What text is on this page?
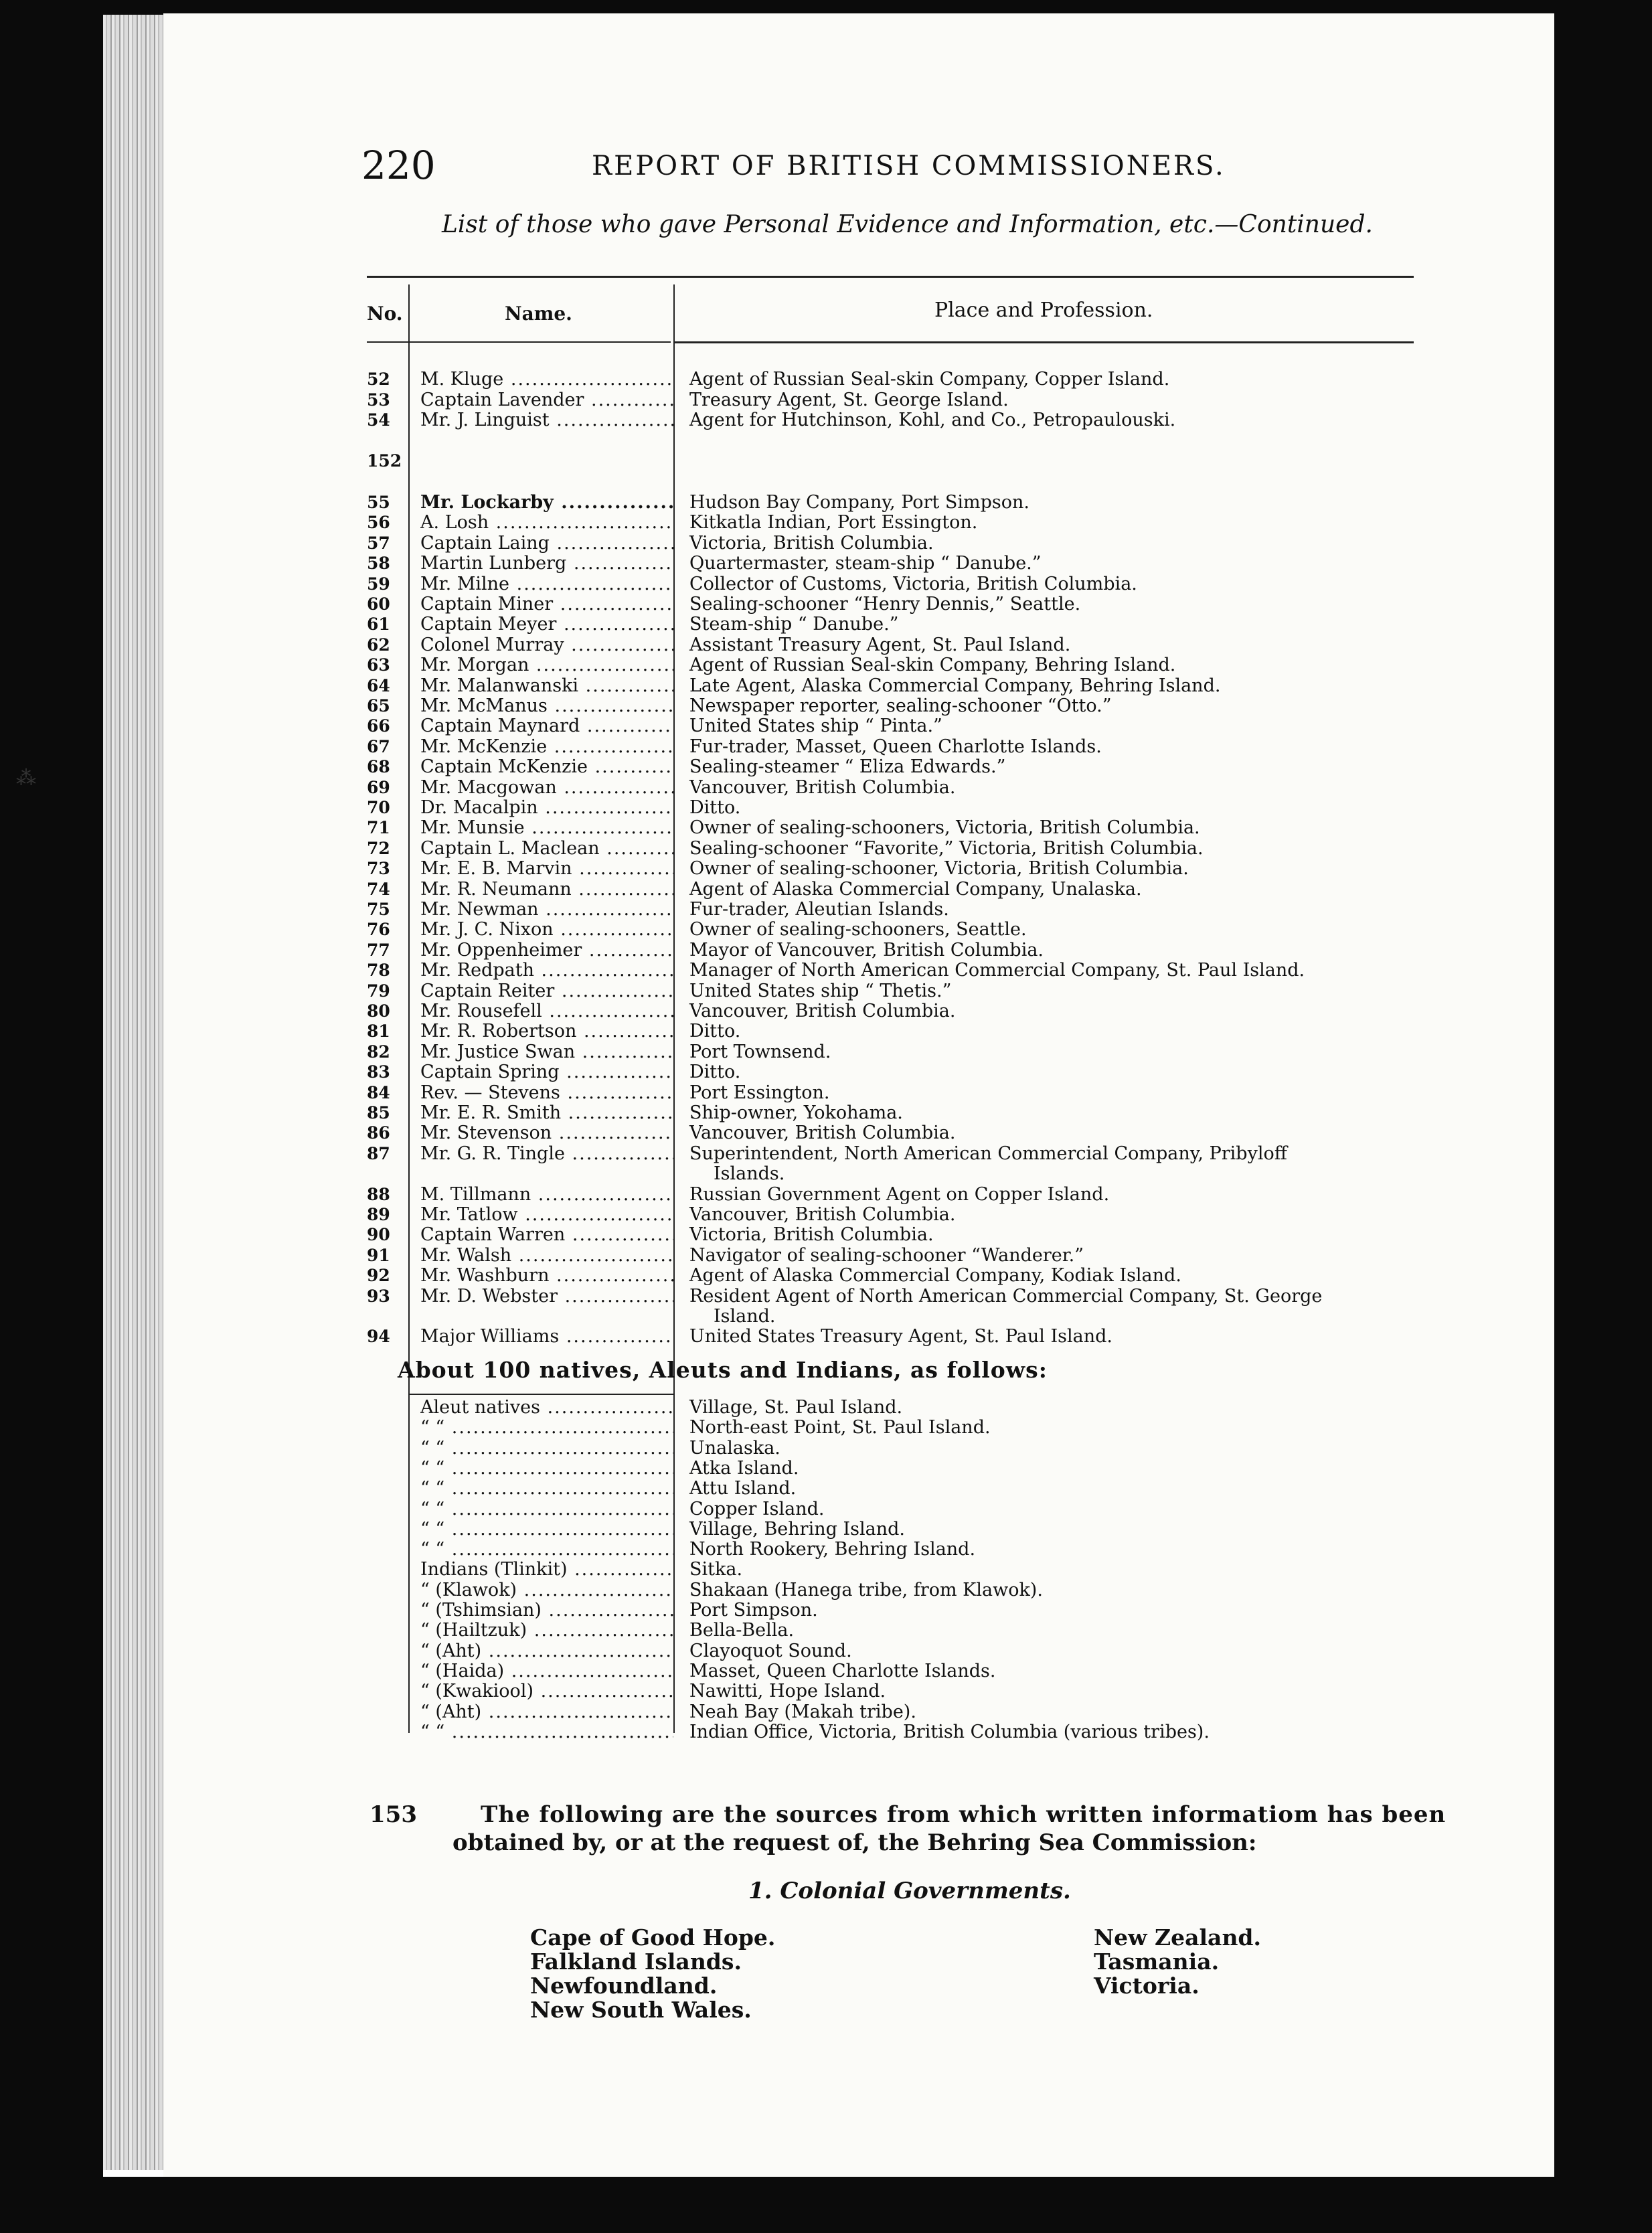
⁂
220	REPORT OF BRITISH COMMISSIONERS.
List of those who gave Personal Evidence and Information, etc.—Continued.
No.	Name.	Place and Profession.
52 M. Kluge .....	Agent of Russian Seal-skin Company, Copper Island.
53 Captain Lavender .....	Treasury Agent, St. George Island.
54 Mr. J. Linguist .....	Agent for Hutchinson, Kohl, and Co., Petropaulouski.
152
55 Mr. Lockarby .....	Hudson Bay Company, Port Simpson.
56 A. Losh .....	Kitkatla Indian, Port Essington.
57 Captain Laing .....	Victoria, British Columbia.
58 Martin Lunberg .....	Quartermaster, steam-ship “ Danube.”
59 Mr. Milne .....	Collector of Customs, Victoria, British Columbia.
60 Captain Miner .....	Sealing-schooner “Henry Dennis,” Seattle.
61 Captain Meyer .....	Steam-ship “ Danube.”
62 Colonel Murray .....	Assistant Treasury Agent, St. Paul Island.
63 Mr. Morgan .....	Agent of Russian Seal-skin Company, Behring Island.
64 Mr. Malanwanski .....	Late Agent, Alaska Commercial Company, Behring Island.
65 Mr. McManus .....	Newspaper reporter, sealing-schooner “Otto.”
66 Captain Maynard .....	United States ship “ Pinta.”
67 Mr. McKenzie .....	Fur-trader, Masset, Queen Charlotte Islands.
68 Captain McKenzie .....	Sealing-steamer “ Eliza Edwards.”
69 Mr. Macgowan .....	Vancouver, British Columbia.
70 Dr. Macalpin .....	Ditto.
71 Mr. Munsie .....	Owner of sealing-schooners, Victoria, British Columbia.
72 Captain L. Maclean .....	Sealing-schooner “Favorite,” Victoria, British Columbia.
73 Mr. E. B. Marvin .....	Owner of sealing-schooner, Victoria, British Columbia.
74 Mr. R. Neumann .....	Agent of Alaska Commercial Company, Unalaska.
75 Mr. Newman .....	Fur-trader, Aleutian Islands.
76 Mr. J. C. Nixon .....	Owner of sealing-schooners, Seattle.
77 Mr. Oppenheimer .....	Mayor of Vancouver, British Columbia.
78 Mr. Redpath .....	Manager of North American Commercial Company, St. Paul Island.
79 Captain Reiter .....	United States ship “ Thetis.”
80 Mr. Rousefell .....	Vancouver, British Columbia.
81 Mr. R. Robertson .....	Ditto.
82 Mr. Justice Swan .....	Port Townsend.
83 Captain Spring .....	Ditto.
84 Rev. — Stevens .....	Port Essington.
85 Mr. E. R. Smith .....	Ship-owner, Yokohama.
86 Mr. Stevenson .....	Vancouver, British Columbia.
87 Mr. G. R. Tingle .....	Superintendent, North American Commercial Company, Pribyloff
Islands.
88 M. Tillmann .....	Russian Government Agent on Copper Island.
89 Mr. Tatlow .....	Vancouver, British Columbia.
90 Captain Warren .....	Victoria, British Columbia.
91 Mr. Walsh .....	Navigator of sealing-schooner “Wanderer.”
92 Mr. Washburn .....	Agent of Alaska Commercial Company, Kodiak Island.
93 Mr. D. Webster .....	Resident Agent of North American Commercial Company, St. George
Island.
94 Major Williams .....	United States Treasury Agent, St. Paul Island.
About 100 natives, Aleuts and Indians, as follows:
Aleut natives .....	Village, St. Paul Island.
“ “ .....	North-east Point, St. Paul Island.
“ “ .....	Unalaska.
“ “ .....	Atka Island.
“ “ .....	Attu Island.
“ “ .....	Copper Island.
“ “ .....	Village, Behring Island.
“ “ .....	North Rookery, Behring Island.
Indians (Tlinkit) .....	Sitka.
“ (Klawok) .....	Shakaan (Hanega tribe, from Klawok).
“ (Tshimsian) .....	Port Simpson.
“ (Hailtzuk) .....	Bella-Bella.
“ (Aht) .....	Clayoquot Sound.
“ (Haida) .....	Masset, Queen Charlotte Islands.
“ (Kwakiool) .....	Nawitti, Hope Island.
“ (Aht) .....	Neah Bay (Makah tribe).
“ “ .....	Indian Office, Victoria, British Columbia (various tribes).
153	The following are the sources from which written informatiom has been
obtained by, or at the request of, the Behring Sea Commission:
1. Colonial Governments.
Cape of Good Hope.
Falkland Islands.
Newfoundland.
New South Wales.
New Zealand.
Tasmania.
Victoria.
